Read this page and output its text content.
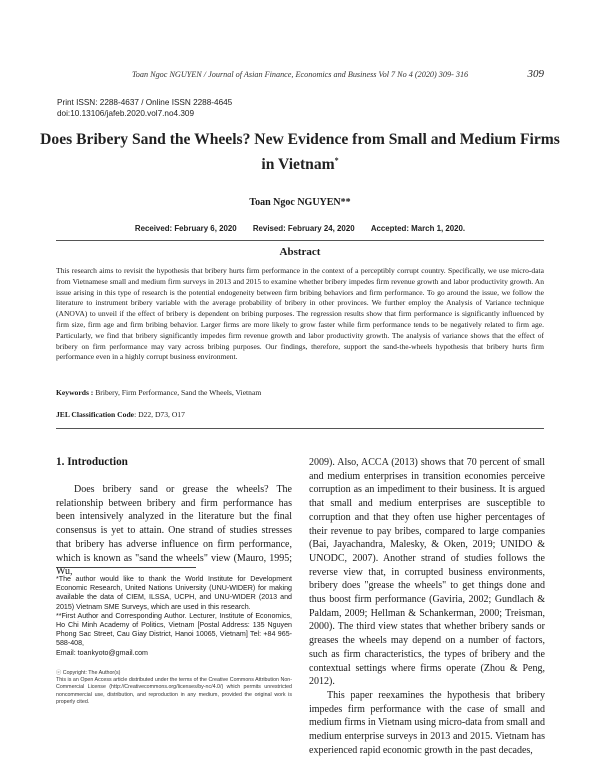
Toan Ngoc NGUYEN / Journal of Asian Finance, Economics and Business Vol 7 No 4 (2020) 309- 316	309
Print ISSN: 2288-4637 / Online ISSN 2288-4645
doi:10.13106/jafeb.2020.vol7.no4.309
Does Bribery Sand the Wheels? New Evidence from Small and Medium Firms in Vietnam*
Toan Ngoc NGUYEN**
Received: February 6, 2020 Revised: February 24, 2020 Accepted: March 1, 2020.
Abstract
This research aims to revisit the hypothesis that bribery hurts firm performance in the context of a perceptibly corrupt country. Specifically, we use micro-data from Vietnamese small and medium firm surveys in 2013 and 2015 to examine whether bribery impedes firm revenue growth and labor productivity growth. An issue arising in this type of research is the potential endogeneity between firm bribing behaviors and firm performance. To go around the issue, we follow the literature to instrument bribery variable with the average probability of bribery in other provinces. We further employ the Analysis of Variance technique (ANOVA) to unveil if the effect of bribery is dependent on bribing purposes. The regression results show that firm performance is significantly influenced by firm size, firm age and firm bribing behavior. Larger firms are more likely to grow faster while firm performance tends to be negatively related to firm age. Particularly, we find that bribery significantly impedes firm revenue growth and labor productivity growth. The analysis of variance shows that the effect of bribery on firm performance may vary across bribing purposes. Our findings, therefore, support the sand-the-wheels hypothesis that bribery hurts firm performance even in a highly corrupt business environment.
Keywords : Bribery, Firm Performance, Sand the Wheels, Vietnam
JEL Classification Code: D22, D73, O17
1. Introduction

Does bribery sand or grease the wheels? The relationship between bribery and firm performance has been intensively analyzed in the literature but the final consensus is yet to attain. One strand of studies stresses that bribery has adverse influence on firm performance, which is known as "sand the wheels" view (Mauro, 1995; Wu,

2009). Also, ACCA (2013) shows that 70 percent of small and medium enterprises in transition economies perceive corruption as an impediment to their business. It is argued that small and medium enterprises are susceptible to corruption and that they often use higher percentages of their revenue to pay bribes, compared to large companies (Bai, Jayachandra, Malesky, & Oken, 2019; UNIDO & UNODC, 2007). Another strand of studies follows the reverse view that, in corrupted business environments, bribery does "grease the wheels" to get things done and thus boost firm performance (Gaviria, 2002; Gundlach & Paldam, 2009; Hellman & Schankerman, 2000; Treisman, 2000). The third view states that whether bribery sands or greases the wheels may depend on a number of factors, such as firm characteristics, the types of bribery and the contextual settings where firms operate (Zhou & Peng, 2012).

This paper reexamines the hypothesis that bribery impedes firm performance with the case of small and medium firms in Vietnam using micro-data from small and medium enterprise surveys in 2013 and 2015. Vietnam has experienced rapid economic growth in the past decades,

*The author would like to thank the World Institute for Development Economic Research, United Nations University (UNU-WIDER) for making available the data of CIEM, ILSSA, UCPH, and UNU-WIDER (2013 and 2015) Vietnam SME Surveys, which are used in this research.

**First Author and Corresponding Author. Lecturer, Institute of Economics, Ho Chi Minh Academy of Politics, Vietnam [Postal Address: 135 Nguyen Phong Sac Street, Cau Giay District, Hanoi 10065, Vietnam] Tel: +84 965-588-408,

Email: toankyoto@gmail.com

ⓒ Copyright: The Author(s)

This is an Open Access article distributed under the terms of the Creative Commons Attribution Non-Commercial License (http://Creativecommons.org/licenses/by-nc/4.0/) which permits unrestricted noncommercial use, distribution, and reproduction in any medium, provided the original work is properly cited.
